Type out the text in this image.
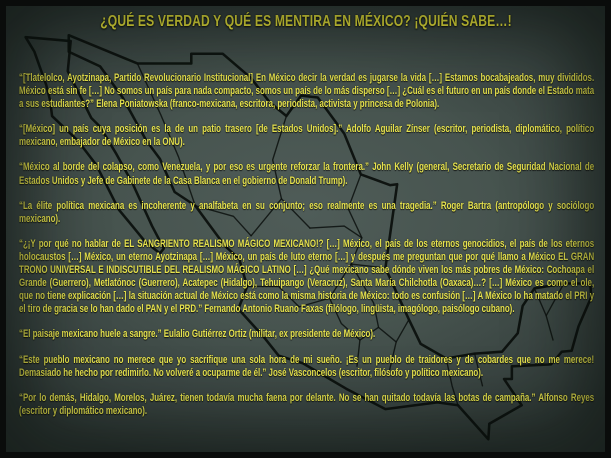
¿QUÉ ES VERDAD Y QUÉ ES MENTIRA EN MÉXICO? ¡QUIÉN SABE…!

“[Tlatelolco, Ayotzinapa, Partido Revolucionario Institucional] En México decir la verdad es jugarse la vida […] Estamos bocabajeados, muy divididos. México está sin fe […] No somos un país para nada compacto, somos un país de lo más disperso […] ¿Cuál es el futuro en un país donde el Estado mata a sus estudiantes?” Elena Poniatowska (franco-mexicana, escritora, periodista, activista y princesa de Polonia).

“[México] un país cuya posición es la de un patio trasero [de Estados Unidos].” Adolfo Aguilar Zínser (escritor, periodista, diplomático, político mexicano, embajador de México en la ONU).

“México al borde del colapso, como Venezuela, y por eso es urgente reforzar la frontera.” John Kelly (general, Secretario de Seguridad Nacional de Estados Unidos y Jefe de Gabinete de la Casa Blanca en el gobierno de Donald Trump).

“La élite política mexicana es incoherente y analfabeta en su conjunto; eso realmente es una tragedia.” Roger Bartra (antropólogo y sociólogo mexicano).

“¿¡Y por qué no hablar de EL SANGRIENTO REALISMO MÁGICO MEXICANO!? […] México, el país de los eternos genocidios, el país de los eternos holocaustos […] México, un eterno Ayotzinapa […] México, un país de luto eterno […] y después me preguntan que por qué llamo a México EL GRAN TRONO UNIVERSAL E INDISCUTIBLE DEL REALISMO MÁGICO LATINO […] ¿Qué mexicano sabe dónde viven los más pobres de México: Cochoapa el Grande (Guerrero), Metlatónoc (Guerrero), Acatepec (Hidalgo), Tehuipango (Veracruz), Santa María Chilchotla (Oaxaca)…? […] México es como el ole, que no tiene explicación […] la situación actual de México está como la misma historia de México: todo es confusión […] A México lo ha matado el PRI y el tiro de gracia se lo han dado el PAN y el PRD.” Fernando Antonio Ruano Faxas (filólogo, lingüista, imagólogo, paisólogo cubano).

“El paisaje mexicano huele a sangre.” Eulalio Gutiérrez Ortiz (militar, ex presidente de México).

“Este pueblo mexicano no merece que yo sacrifique una sola hora de mi sueño. ¡Es un pueblo de traidores y de cobardes que no me merece! Demasiado he hecho por redimirlo. No volveré a ocuparme de él.” José Vasconcelos (escritor, filósofo y político mexicano).

“Por lo demás, Hidalgo, Morelos, Juárez, tienen todavía mucha faena por delante. No se han quitado todavía las botas de campaña.” Alfonso Reyes (escritor y diplomático mexicano).
